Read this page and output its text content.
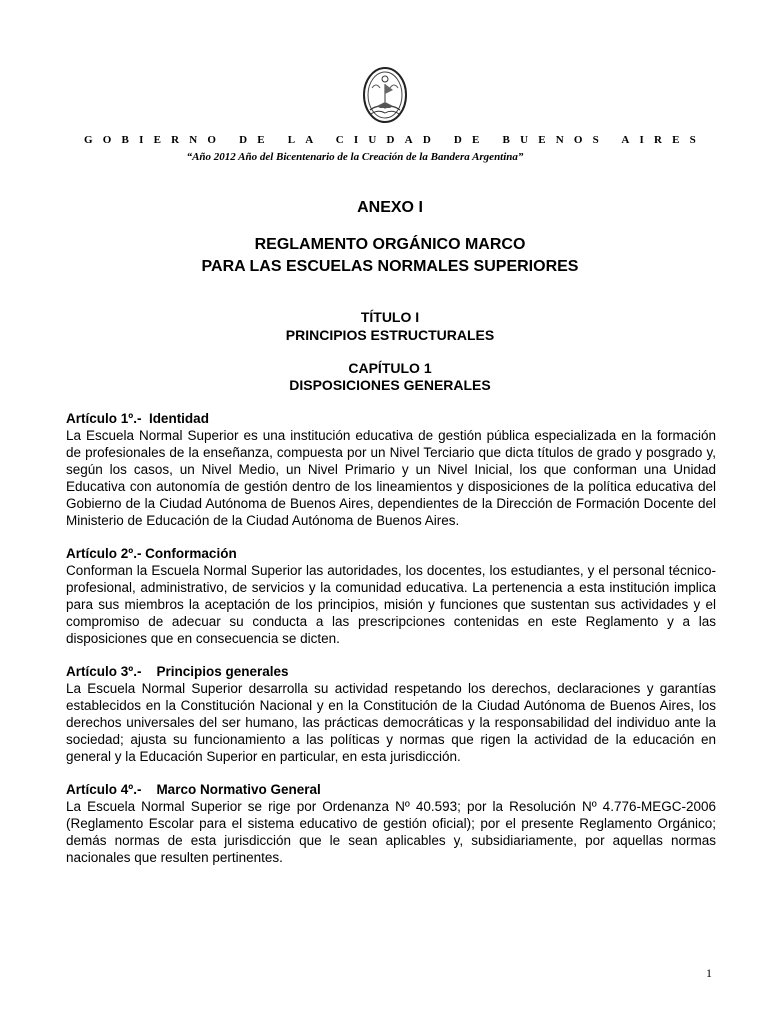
GOBIERNO DE LA CIUDAD DE BUENOS AIRES
“Año 2012 Año del Bicentenario de la Creación de la Bandera Argentina”
ANEXO I
REGLAMENTO ORGÁNICO MARCO
PARA LAS ESCUELAS NORMALES SUPERIORES
TÍTULO I
PRINCIPIOS ESTRUCTURALES
CAPÍTULO 1
DISPOSICIONES GENERALES
Artículo 1º.-  Identidad
La Escuela Normal Superior es una institución educativa de gestión pública especializada en la formación de profesionales de la enseñanza, compuesta por un Nivel Terciario que dicta títulos de grado y posgrado y, según los casos, un Nivel Medio, un Nivel Primario y un Nivel Inicial, los que conforman una Unidad Educativa con autonomía de gestión dentro de los lineamientos y disposiciones de la política educativa del Gobierno de la Ciudad Autónoma de Buenos Aires, dependientes de la Dirección de Formación Docente del Ministerio de Educación de la Ciudad Autónoma de Buenos Aires.
Artículo 2º.- Conformación
Conforman la Escuela Normal Superior las autoridades, los docentes, los estudiantes, y el personal técnico-profesional, administrativo, de servicios y la comunidad educativa. La pertenencia a esta institución implica para sus miembros la aceptación de los principios, misión y funciones que sustentan sus actividades y el compromiso de adecuar su conducta a las prescripciones contenidas en este Reglamento y a las disposiciones que en consecuencia se dicten.
Artículo 3º.-    Principios generales
La Escuela Normal Superior desarrolla su actividad respetando los derechos, declaraciones y garantías establecidos en la Constitución Nacional y en la Constitución de la Ciudad Autónoma de Buenos Aires, los derechos universales del ser humano, las prácticas democráticas y la responsabilidad del individuo ante la sociedad; ajusta su funcionamiento a las políticas y normas que rigen la actividad de la educación en general y la Educación Superior en particular, en esta jurisdicción.
Artículo 4º.-    Marco Normativo General
La Escuela Normal Superior se rige por Ordenanza Nº 40.593; por la Resolución Nº 4.776-MEGC-2006 (Reglamento Escolar para el sistema educativo de gestión oficial); por el presente Reglamento Orgánico; demás normas de esta jurisdicción que le sean aplicables y, subsidiariamente, por aquellas normas nacionales que resulten pertinentes.
1
